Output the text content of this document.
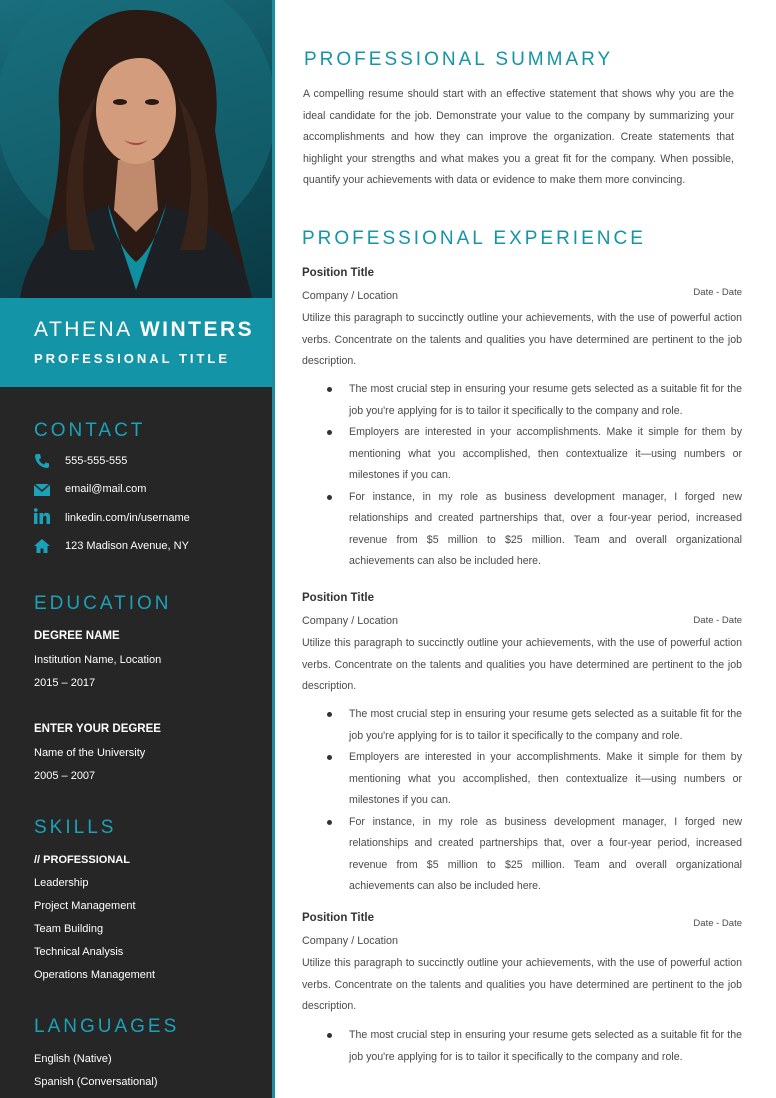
ATHENA WINTERS
PROFESSIONAL TITLE
CONTACT
555-555-555
email@mail.com
linkedin.com/in/username
123 Madison Avenue, NY
EDUCATION
DEGREE NAME
Institution Name, Location
2015 – 2017
ENTER YOUR DEGREE
Name of the University
2005 – 2007
SKILLS
// PROFESSIONAL
Leadership
Project Management
Team Building
Technical Analysis
Operations Management
LANGUAGES
English (Native)
Spanish (Conversational)
PROFESSIONAL SUMMARY

A compelling resume should start with an effective statement that shows why you are the ideal candidate for the job. Demonstrate your value to the company by summarizing your accomplishments and how they can improve the organization. Create statements that highlight your strengths and what makes you a great fit for the company. When possible, quantify your achievements with data or evidence to make them more convincing.

PROFESSIONAL EXPERIENCE
Position Title
Company / Location	Date - Date

Utilize this paragraph to succinctly outline your achievements, with the use of powerful action verbs. Concentrate on the talents and qualities you have determined are pertinent to the job description.

The most crucial step in ensuring your resume gets selected as a suitable fit for the job you're applying for is to tailor it specifically to the company and role.
Employers are interested in your accomplishments. Make it simple for them by mentioning what you accomplished, then contextualize it—using numbers or milestones if you can.
For instance, in my role as business development manager, I forged new relationships and created partnerships that, over a four-year period, increased revenue from $5 million to $25 million. Team and overall organizational achievements can also be included here.
Position Title
Company / Location	Date - Date

Utilize this paragraph to succinctly outline your achievements, with the use of powerful action verbs. Concentrate on the talents and qualities you have determined are pertinent to the job description.

The most crucial step in ensuring your resume gets selected as a suitable fit for the job you're applying for is to tailor it specifically to the company and role.
Employers are interested in your accomplishments. Make it simple for them by mentioning what you accomplished, then contextualize it—using numbers or milestones if you can.
For instance, in my role as business development manager, I forged new relationships and created partnerships that, over a four-year period, increased revenue from $5 million to $25 million. Team and overall organizational achievements can also be included here.
Position Title
Company / Location
Date - Date

Utilize this paragraph to succinctly outline your achievements, with the use of powerful action verbs. Concentrate on the talents and qualities you have determined are pertinent to the job description.

The most crucial step in ensuring your resume gets selected as a suitable fit for the job you're applying for is to tailor it specifically to the company and role.
